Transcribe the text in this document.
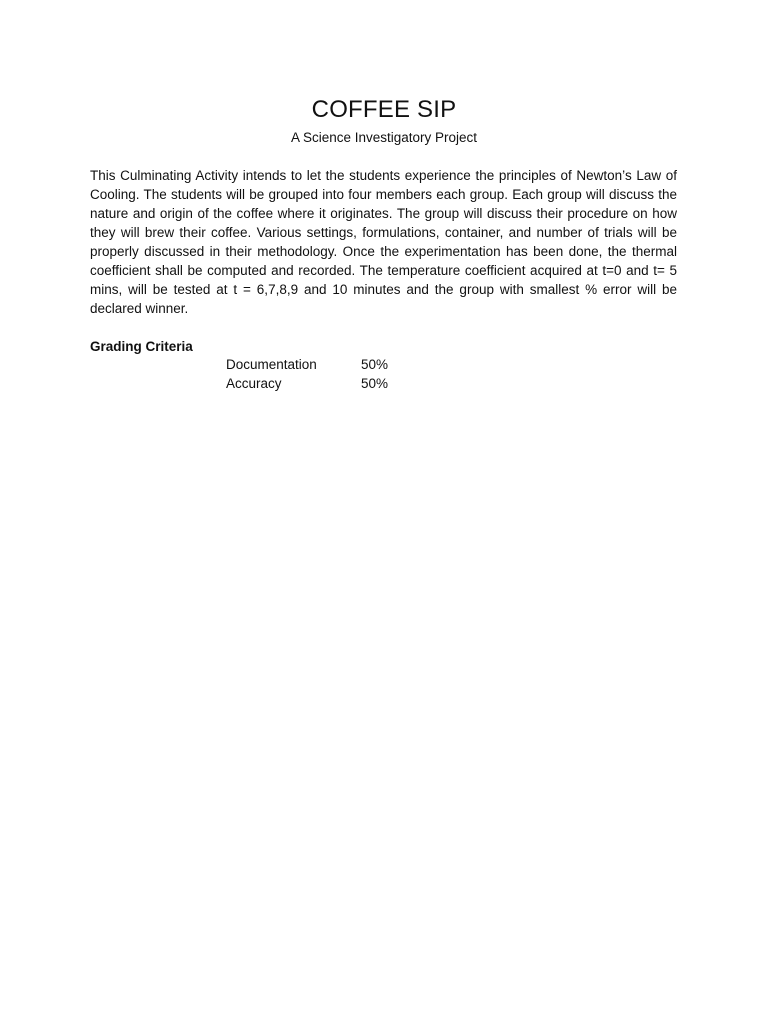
COFFEE SIP
A Science Investigatory Project
This Culminating Activity intends to let the students experience the principles of Newton’s Law of Cooling. The students will be grouped into four members each group. Each group will discuss the nature and origin of the coffee where it originates. The group will discuss their procedure on how they will brew their coffee. Various settings, formulations, container, and number of trials will be properly discussed in their methodology. Once the experimentation has been done, the thermal coefficient shall be computed and recorded. The temperature coefficient acquired at t=0 and t= 5 mins, will be tested at t = 6,7,8,9 and 10 minutes and the group with smallest % error will be declared winner.
Grading Criteria
Documentation	50%
Accuracy	50%
